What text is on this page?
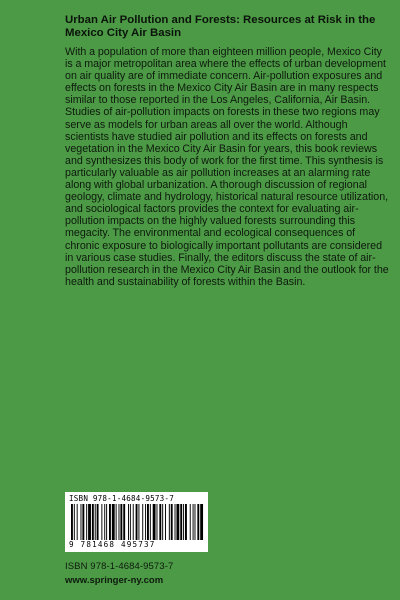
Urban Air Pollution and Forests: Resources at Risk in the Mexico City Air Basin

With a population of more than eighteen million people, Mexico City is a major metropolitan area where the effects of urban development on air quality are of immediate concern. Air-pollution exposures and effects on forests in the Mexico City Air Basin are in many respects similar to those reported in the Los Angeles, California, Air Basin. Studies of air-pollution impacts on forests in these two regions may serve as models for urban areas all over the world. Although scientists have studied air pollution and its effects on forests and vegetation in the Mexico City Air Basin for years, this book reviews and synthesizes this body of work for the first time. This synthesis is particularly valuable as air pollution increases at an alarming rate along with global urbanization. A thorough discussion of regional geology, climate and hydrology, historical natural resource utilization, and sociological factors provides the context for evaluating air-pollution impacts on the highly valued forests surrounding this megacity. The environmental and ecological consequences of chronic exposure to biologically important pollutants are considered in various case studies. Finally, the editors discuss the state of air-pollution research in the Mexico City Air Basin and the outlook for the health and sustainability of forests within the Basin.

ISBN 978-1-4684-9573-7
9 781468 495737
ISBN 978-1-4684-9573-7
www.springer-ny.com
